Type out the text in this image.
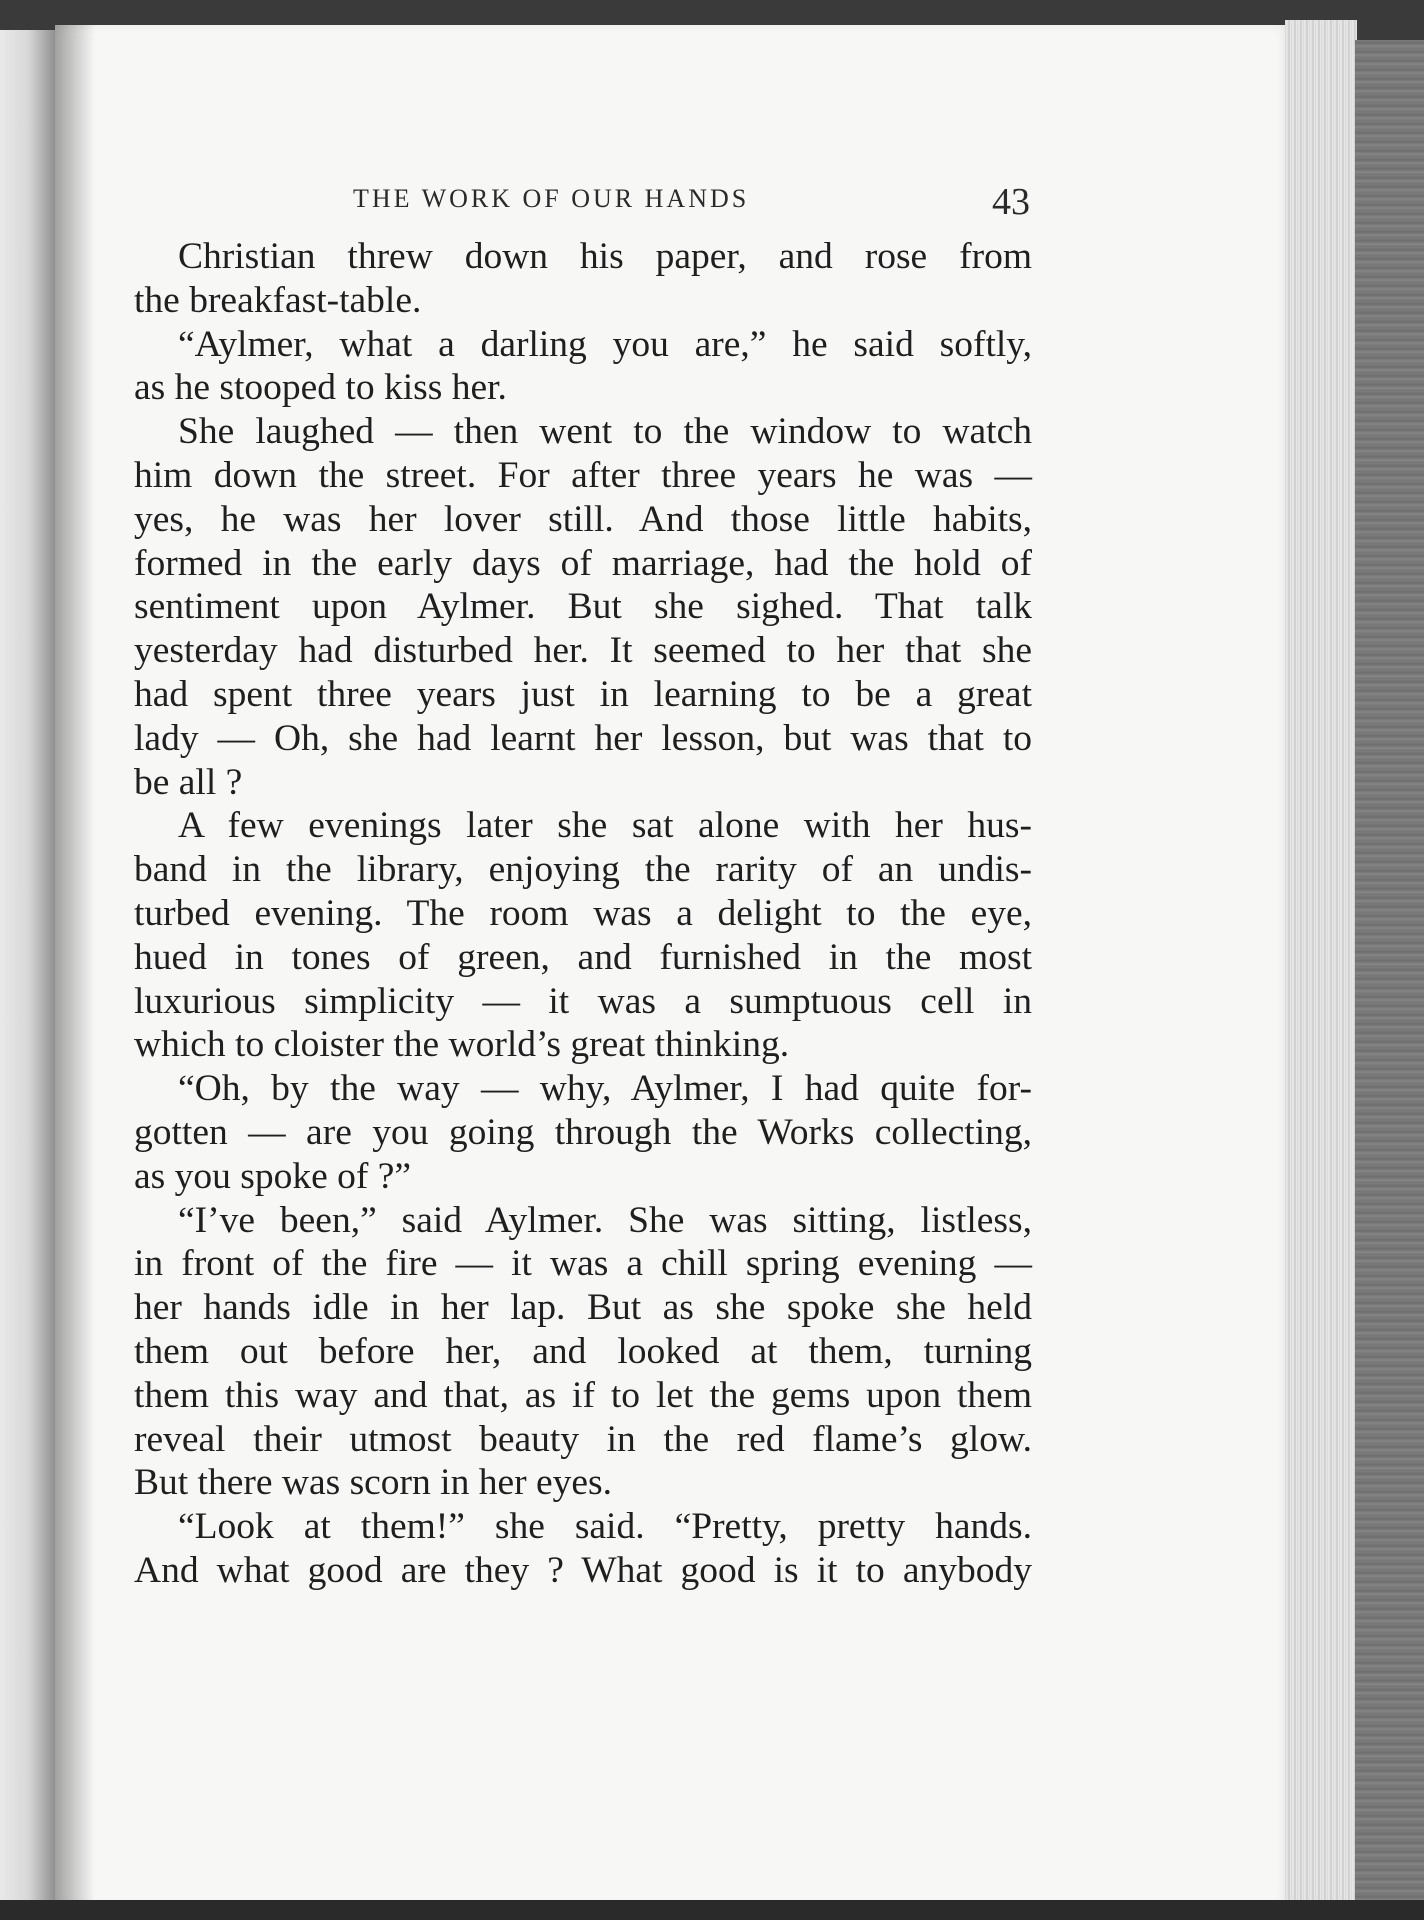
THE WORK OF OUR HANDS	43

Christian threw down his paper, and rose from
the breakfast-table.

“Aylmer, what a darling you are,” he said softly,
as he stooped to kiss her.

She laughed — then went to the window to watch
him down the street. For after three years he was —
yes, he was her lover still. And those little habits,
formed in the early days of marriage, had the hold of
sentiment upon Aylmer. But she sighed. That talk
yesterday had disturbed her. It seemed to her that she
had spent three years just in learning to be a great
lady — Oh, she had learnt her lesson, but was that to
be all ?

A few evenings later she sat alone with her hus-
band in the library, enjoying the rarity of an undis-
turbed evening. The room was a delight to the eye,
hued in tones of green, and furnished in the most
luxurious simplicity — it was a sumptuous cell in
which to cloister the world’s great thinking.

“Oh, by the way — why, Aylmer, I had quite for-
gotten — are you going through the Works collecting,
as you spoke of ?”

“I’ve been,” said Aylmer. She was sitting, listless,
in front of the fire — it was a chill spring evening —
her hands idle in her lap. But as she spoke she held
them out before her, and looked at them, turning
them this way and that, as if to let the gems upon them
reveal their utmost beauty in the red flame’s glow.
But there was scorn in her eyes.

“Look at them!” she said. “Pretty, pretty hands.
And what good are they ? What good is it to anybody
